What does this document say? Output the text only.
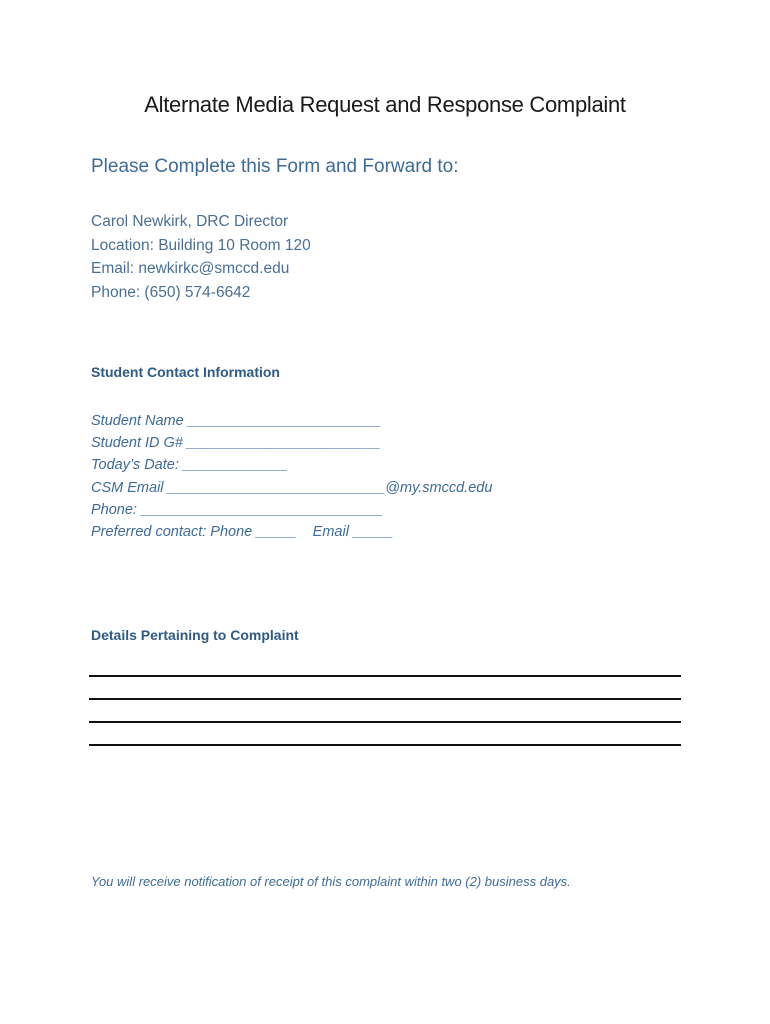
Alternate Media Request and Response Complaint
Please Complete this Form and Forward to:
Carol Newkirk, DRC Director
Location: Building 10 Room 120
Email: newkirkc@smccd.edu
Phone: (650) 574-6642
Student Contact Information
Student Name ________________________
Student ID G# ________________________
Today’s Date: _____________
CSM Email ___________________________@my.smccd.edu
Phone: ______________________________
Preferred contact: Phone _____    Email _____
Details Pertaining to Complaint
You will receive notification of receipt of this complaint within two (2) business days.
